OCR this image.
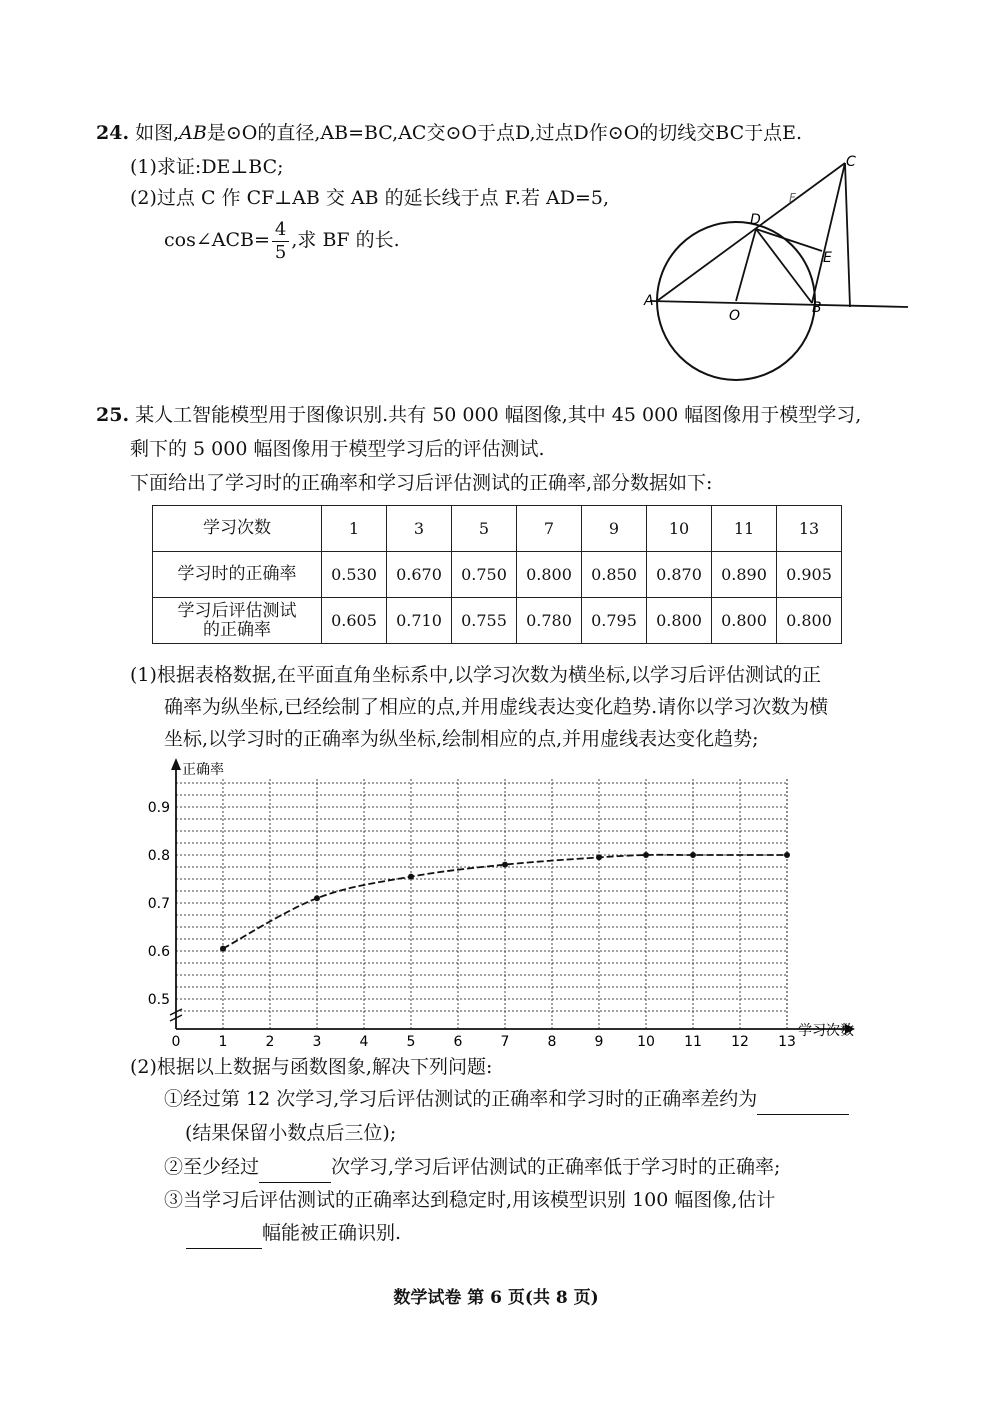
24. 如图,AB是⊙O的直径,AB=BC,AC交⊙O于点D,过点D作⊙O的切线交BC于点E.
(1)求证:DE⊥BC;
(2)过点 C 作 CF⊥AB 交 AB 的延长线于点 F.若 AD=5,
cos∠ACB= $\frac{4}{5}$ ,求 BF 的长.
A	B
C
D
E
O
F
25. 某人工智能模型用于图像识别.共有 50 000 幅图像,其中 45 000 幅图像用于模型学习,
剩下的 5 000 幅图像用于模型学习后的评估测试.
下面给出了学习时的正确率和学习后评估测试的正确率,部分数据如下:
学习次数	1	3	5	7	9	10	11	13
学习时的正确率	0.530	0.670	0.750	0.800	0.850	0.870	0.890	0.905
学习后评估测试
的正确率	0.605	0.710	0.755	0.780	0.795	0.800	0.800	0.800
(1)根据表格数据,在平面直角坐标系中,以学习次数为横坐标,以学习后评估测试的正
确率为纵坐标,已经绘制了相应的点,并用虚线表达变化趋势.请你以学习次数为横
坐标,以学习时的正确率为纵坐标,绘制相应的点,并用虚线表达变化趋势;
正确率
学习次数
0	1	2	3	4	5	6	7	8	9 10 11 12 13
0.5
0.6
0.7
0.8
0.9
(2)根据以上数据与函数图象,解决下列问题:
①经过第 12 次学习,学习后评估测试的正确率和学习时的正确率差约为
(结果保留小数点后三位);
②至少经过	次学习,学习后评估测试的正确率低于学习时的正确率;
③当学习后评估测试的正确率达到稳定时,用该模型识别 100 幅图像,估计
幅能被正确识别.
数学试卷 第 6 页(共 8 页)
